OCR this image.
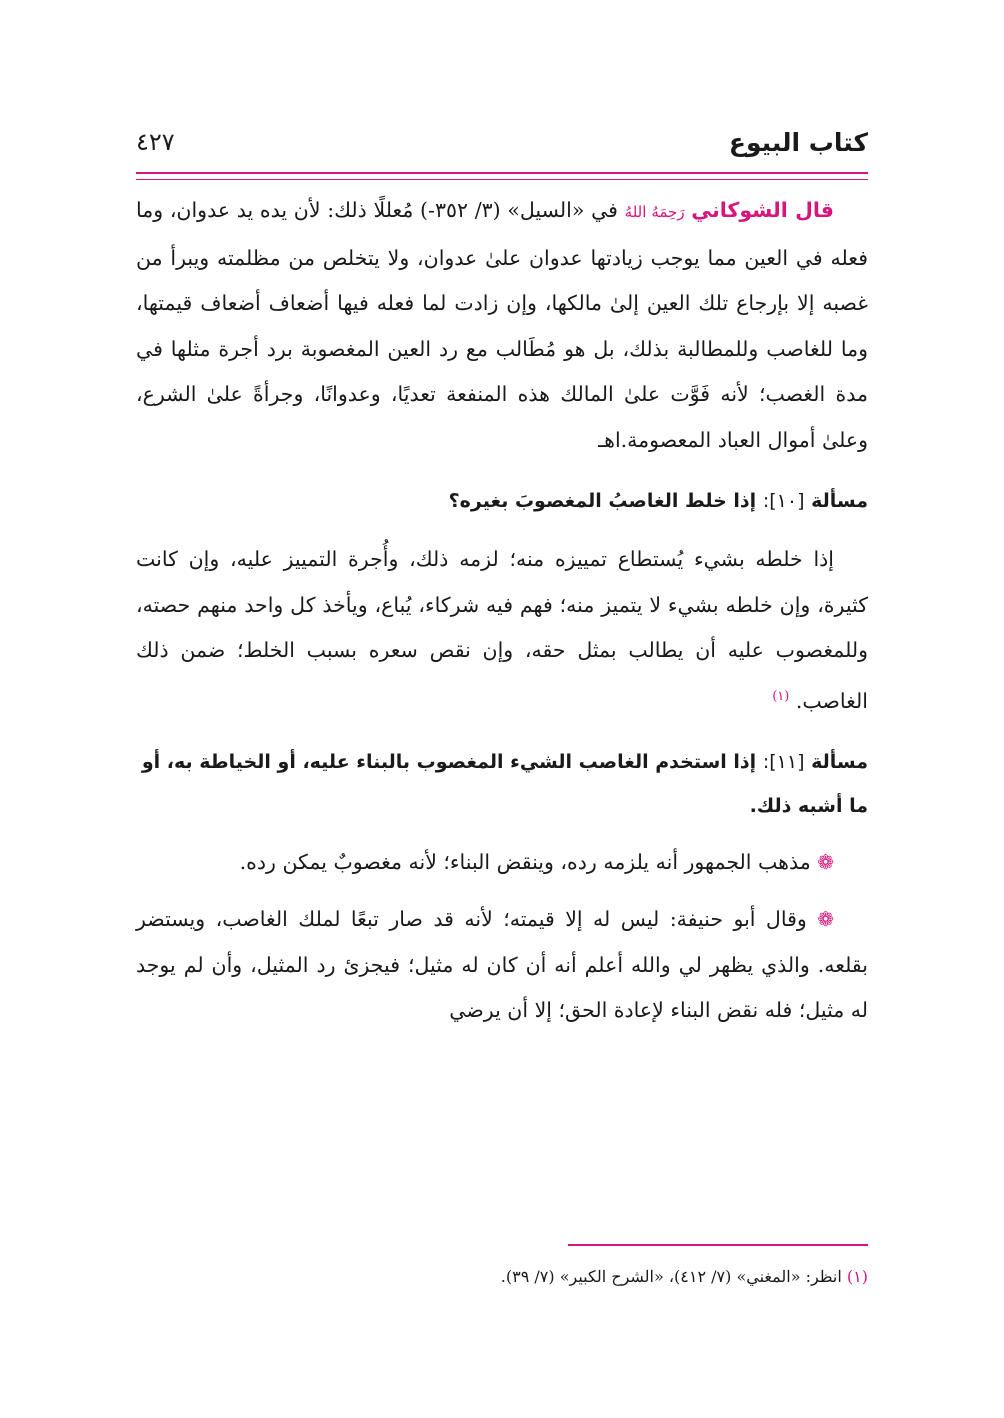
كتاب البيوع
٤٢٧

قال الشوكاني رَحِمَهُ اللهُ في «السيل» (٣/ ٣٥٢-) مُعللًا ذلك: لأن يده يد عدوان، وما فعله في العين مما يوجب زيادتها عدوان علىٰ عدوان، ولا يتخلص من مظلمته ويبرأ من غصبه إلا بإرجاع تلك العين إلىٰ مالكها، وإن زادت لما فعله فيها أضعاف أضعاف قيمتها، وما للغاصب وللمطالبة بذلك، بل هو مُطَالب مع رد العين المغصوبة برد أجرة مثلها في مدة الغصب؛ لأنه فَوَّت علىٰ المالك هذه المنفعة تعديًا، وعدوانًا، وجرأةً علىٰ الشرع، وعلىٰ أموال العباد المعصومة.اهـ

مسألة [١٠]: إذا خلط الغاصبُ المغصوبَ بغيره؟

إذا خلطه بشيء يُستطاع تمييزه منه؛ لزمه ذلك، وأُجرة التمييز عليه، وإن كانت كثيرة، وإن خلطه بشيء لا يتميز منه؛ فهم فيه شركاء، يُباع، ويأخذ كل واحد منهم حصته، وللمغصوب عليه أن يطالب بمثل حقه، وإن نقص سعره بسبب الخلط؛ ضمن ذلك الغاصب. $^{(١)}$

مسألة [١١]: إذا استخدم الغاصب الشيء المغصوب بالبناء عليه، أو الخياطة به، أو ما أشبه ذلك.

❁ مذهب الجمهور أنه يلزمه رده، وينقض البناء؛ لأنه مغصوبٌ يمكن رده.

❁ وقال أبو حنيفة: ليس له إلا قيمته؛ لأنه قد صار تبعًا لملك الغاصب، ويستضر بقلعه. والذي يظهر لي والله أعلم أنه أن كان له مثيل؛ فيجزئ رد المثيل، وأن لم يوجد له مثيل؛ فله نقض البناء لإعادة الحق؛ إلا أن يرضي

(١) انظر: «المغني» (٧/ ٤١٢)، «الشرح الكبير» (٧/ ٣٩).
